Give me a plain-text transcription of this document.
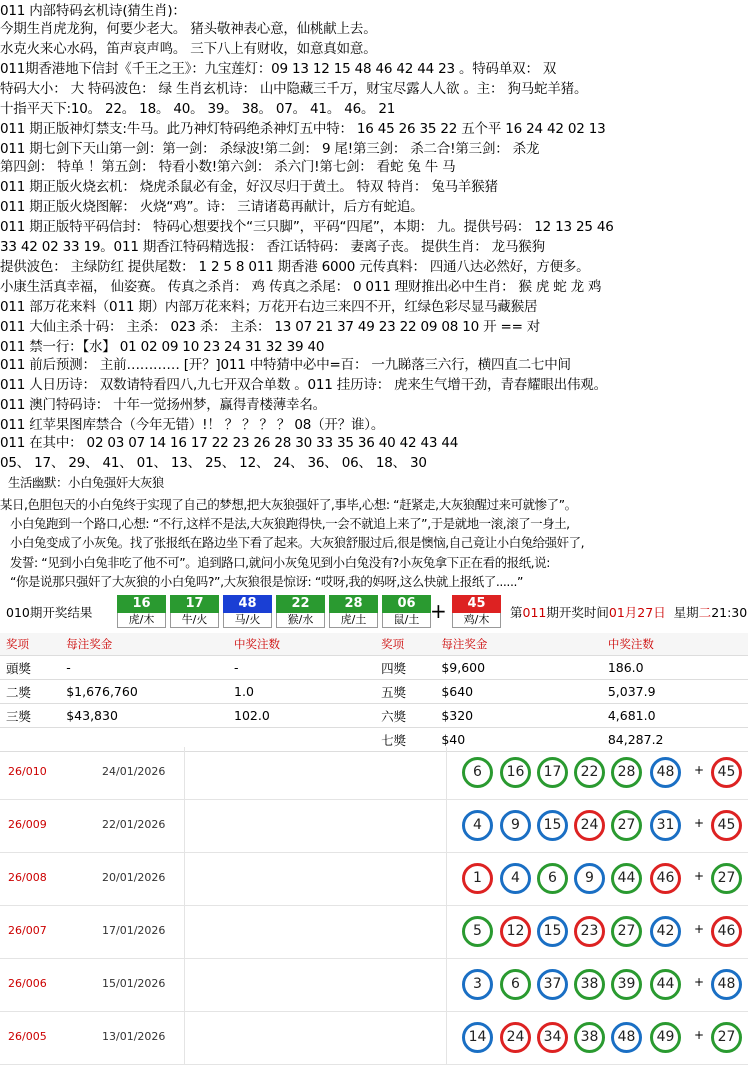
011 内部特码玄机诗(猜生肖)：
今期生肖虎龙狗，何要少老大。 猪头敬神表心意，仙桃献上去。
水克火来心水码，笛声哀声鸣。 三下八上有财收，如意真如意。
011期香港地下信封《千王之王》：九宝莲灯：09 13 12 15 48 46 42 44 23 。特码单双： 双
特码大小： 大 特码波色： 绿 生肖玄机诗： 山中隐藏三千万，财宝尽露人人欲 。主： 狗马蛇羊猪。
十指平天下:10。 22。 18。 40。 39。 38。 07。 41。 46。 21
011 期正版神灯禁支:牛马。此乃神灯特码绝杀神灯五中特： 16 45 26 35 22 五个平 16 24 42 02 13
011 期七剑下天山第一剑：第一剑： 杀绿波!第二剑： 9 尾!第三剑： 杀二合!第三剑： 杀龙
第四剑： 特单 ！第五剑： 特看小数!第六剑： 杀六门!第七剑： 看蛇 兔 牛 马
011 期正版火烧玄机： 烧虎杀鼠必有金，好汉尽归于黄土。 特双 特肖： 兔马羊猴猪
011 期正版火烧图解： 火烧“鸡”。诗： 三请诸葛再献计，后方有蛇追。
011 期正版特平码信封： 特码心想要找个“三只脚”，平码“四尾”，本期： 九。提供号码： 12 13 25 46
33 42 02 33 19。011 期香江特码精选报： 香江话特码： 妻离子丧。 提供生肖： 龙马猴狗
提供波色： 主绿防红 提供尾数： 1 2 5 8 011 期香港 6000 元传真料： 四通八达必然好，方便多。
小康生活真幸福， 仙姿赛。 传真之杀肖： 鸡 传真之杀尾： 0 011 理财推出必中生肖： 猴 虎 蛇 龙 鸡
011 部万花来料（011 期）内部万花来料；万花开右边三来四不开，红绿色彩尽显马藏猴居
011 大仙主杀十码： 主杀： 023 杀： 主杀： 13 07 21 37 49 23 22 09 08 10 开 == 对
011 禁一行：【水】 01 02 09 10 23 24 31 32 39 40
011 前后预测： 主前………… [开？]011 中特猜中必中=百： 一九睇落三六行，横四直二七中间
011 人日历诗： 双数请特看四八,九七开双合单数 。011 挂历诗： 虎来生气增干劲，青春耀眼出伟观。
011 澳门特码诗： 十年一觉扬州梦，赢得青楼薄幸名。
011 红苹果图库禁合（今年无错）!！ ？ ？ ？ ？ 08（开？谁）。
011 在其中： 02 03 07 14 16 17 22 23 26 28 30 33 35 36 40 42 43 44
05、 17、 29、 41、 01、 13、 25、 12、 24、 36、 06、 18、 30
生活幽默：小白兔强奸大灰狼
某日,色胆包天的小白兔终于实现了自己的梦想,把大灰狼强奸了,事毕,心想: “赶紧走,大灰狼醒过来可就惨了”。
小白兔跑到一个路口,心想: “不行,这样不是法,大灰狼跑得快,一会不就追上来了”,于是就地一滚,滚了一身土,
小白兔变成了小灰兔。找了张报纸在路边坐下看了起来。大灰狼舒服过后,很是懊恼,自己竟让小白兔给强奸了,
发誓: “见到小白兔非吃了他不可”。追到路口,就问小灰兔见到小白兔没有?小灰兔拿下正在看的报纸,说:
“你是说那只强奸了大灰狼的小白兔吗?”,大灰狼很是惊讶: “哎呀,我的妈呀,这么快就上报纸了......”
010期开奖结果
16
虎/木
17
牛/火
48
马/火
22
猴/水
28
虎/土
06
鼠/土
45
鸡/木
+	第011期开奖时间01月27日 星期二21:30
奖项	每注奖金	中奖注数	奖项	每注奖金	中奖注数
頭獎	-	-	四獎	$9,600	186.0
二獎	$1,676,760	1.0	五獎	$640	5,037.9
三獎	$43,830	102.0	六獎	$320	4,681.0
			七獎	$40	84,287.2
26/010	24/01/2026	6	16	17	22	28	48	+ 45
26/009	22/01/2026	4	9	15	24	27	31	+ 45
26/008	20/01/2026	1	4	6	9	44	46	+ 27
26/007	17/01/2026	5	12	15	23	27	42	+ 46
26/006	15/01/2026	3	6	37	38	39	44	+ 48
26/005	13/01/2026	14	24	34	38	48	49	+ 27
